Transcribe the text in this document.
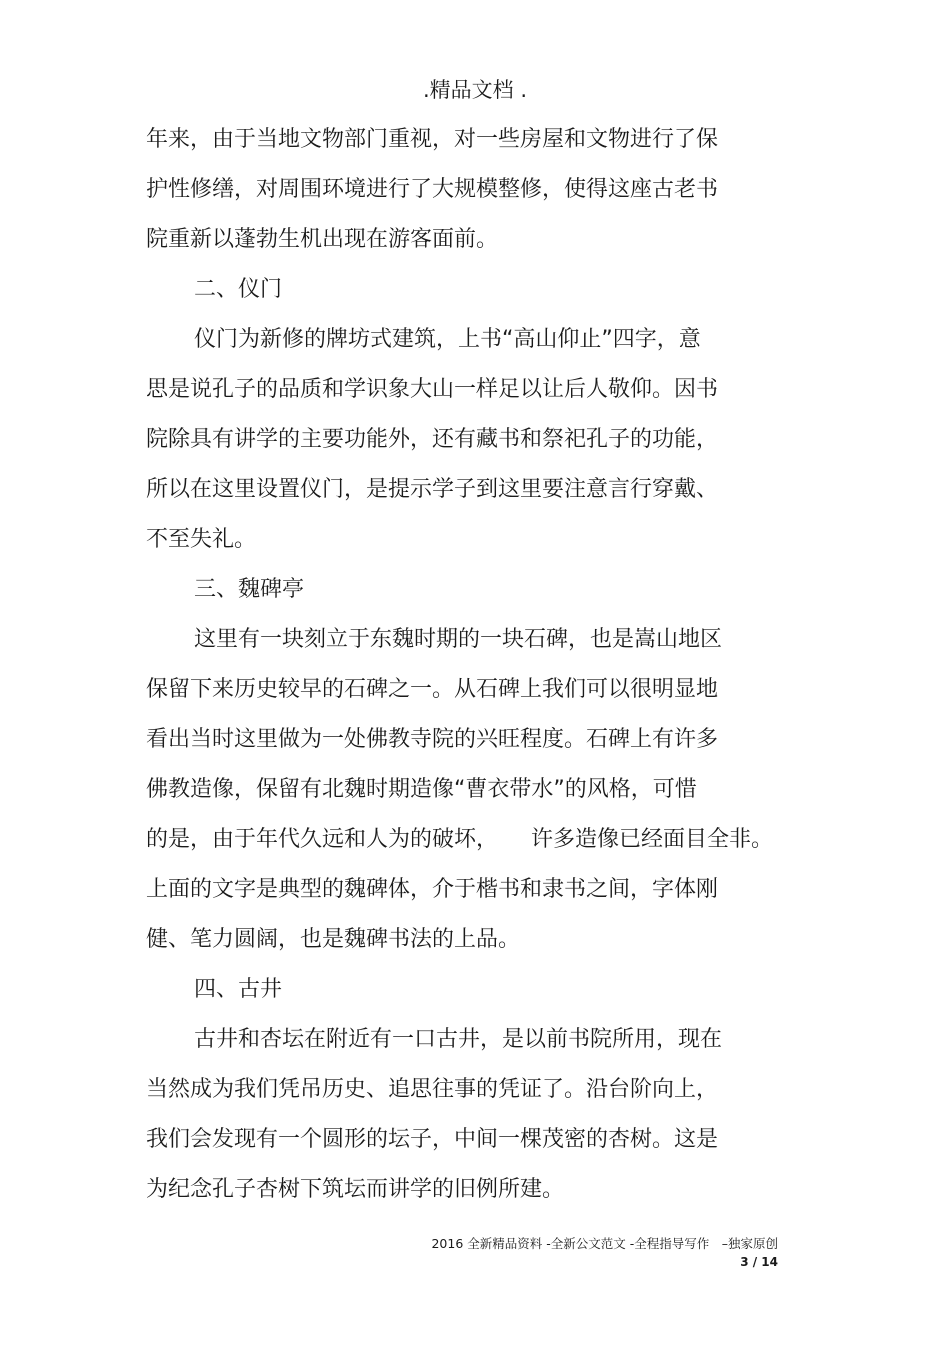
.精品文档 .
年来，由于当地文物部门重视，对一些房屋和文物进行了保
护性修缮，对周围环境进行了大规模整修，使得这座古老书
院重新以蓬勃生机出现在游客面前。
二、仪门
仪门为新修的牌坊式建筑，上书“高山仰止”四字，意
思是说孔子的品质和学识象大山一样足以让后人敬仰。因书
院除具有讲学的主要功能外，还有藏书和祭祀孔子的功能，
所以在这里设置仪门，是提示学子到这里要注意言行穿戴、
不至失礼。
三、魏碑亭
这里有一块刻立于东魏时期的一块石碑，也是嵩山地区
保留下来历史较早的石碑之一。从石碑上我们可以很明显地
看出当时这里做为一处佛教寺院的兴旺程度。石碑上有许多
佛教造像，保留有北魏时期造像“曹衣带水”的风格，可惜
的是，由于年代久远和人为的破坏，　　许多造像已经面目全非。
上面的文字是典型的魏碑体，介于楷书和隶书之间，字体刚
健、笔力圆阔，也是魏碑书法的上品。
四、古井
古井和杏坛在附近有一口古井，是以前书院所用，现在
当然成为我们凭吊历史、追思往事的凭证了。沿台阶向上，
我们会发现有一个圆形的坛子，中间一棵茂密的杏树。这是
为纪念孔子杏树下筑坛而讲学的旧例所建。
2016 全新精品资料 -全新公文范文 -全程指导写作　–独家原创
3 / 14
